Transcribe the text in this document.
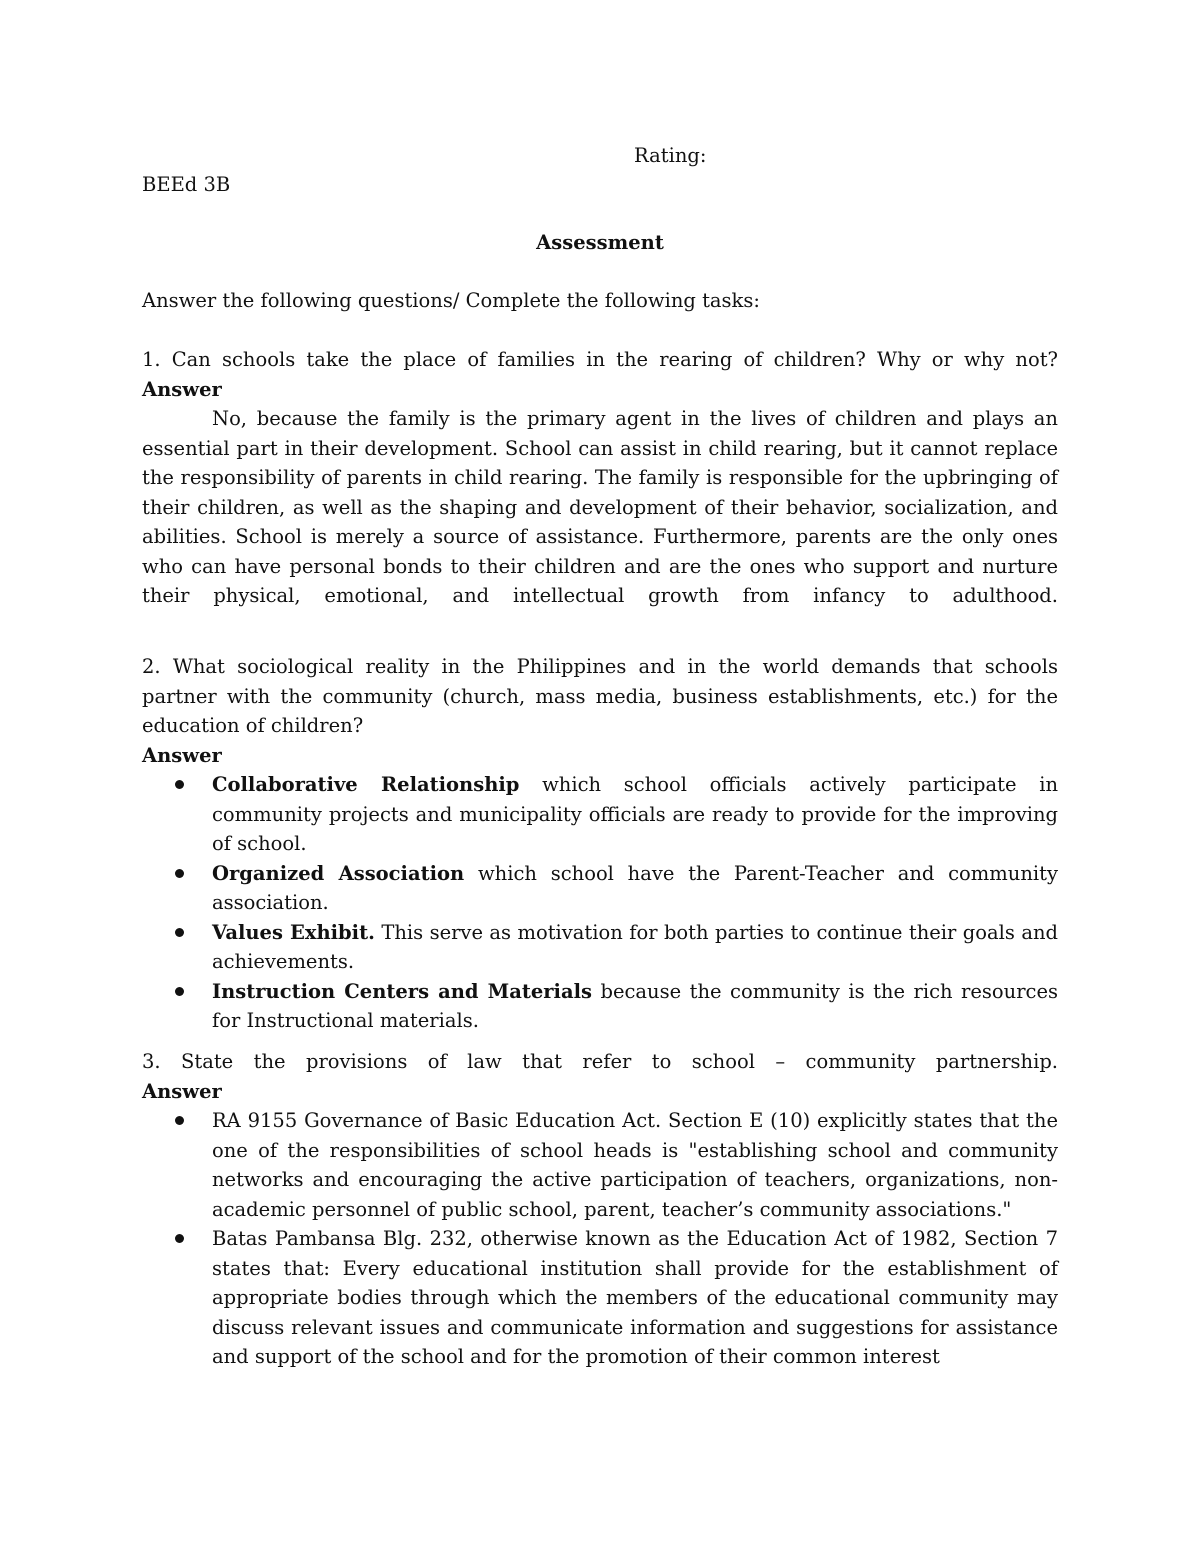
Rating:

BEEd 3B

Assessment

Answer the following questions/ Complete the following tasks:

1. Can schools take the place of families in the rearing of children? Why or why not?

Answer

No, because the family is the primary agent in the lives of children and plays an essential part in their development. School can assist in child rearing, but it cannot replace the responsibility of parents in child rearing. The family is responsible for the upbringing of their children, as well as the shaping and development of their behavior, socialization, and abilities. School is merely a source of assistance. Furthermore, parents are the only ones who can have personal bonds to their children and are the ones who support and nurture their physical, emotional, and intellectual growth from infancy to adulthood.

2. What sociological reality in the Philippines and in the world demands that schools partner with the community (church, mass media, business establishments, etc.) for the education of children?

Answer

Collaborative Relationship which school officials actively participate in community projects and municipality officials are ready to provide for the improving of school.
Organized Association which school have the Parent-Teacher and community association.
Values Exhibit. This serve as motivation for both parties to continue their goals and achievements.
Instruction Centers and Materials because the community is the rich resources for Instructional materials.

3. State the provisions of law that refer to school – community partnership.

Answer

RA 9155 Governance of Basic Education Act. Section E (10) explicitly states that the one of the responsibilities of school heads is "establishing school and community networks and encouraging the active participation of teachers, organizations, non-academic personnel of public school, parent, teacher’s community associations."
Batas Pambansa Blg. 232, otherwise known as the Education Act of 1982, Section 7 states that: Every educational institution shall provide for the establishment of appropriate bodies through which the members of the educational community may discuss relevant issues and communicate information and suggestions for assistance and support of the school and for the promotion of their common interest
